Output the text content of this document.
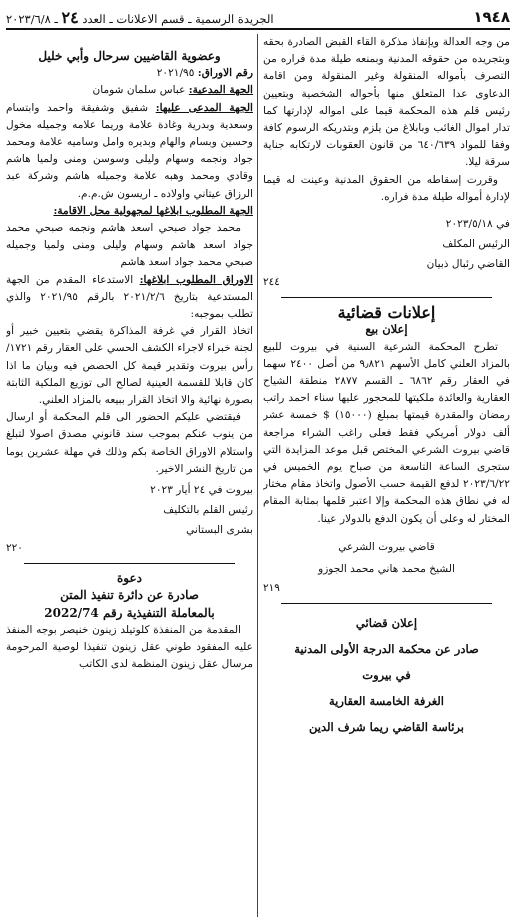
١٩٤٨
الجريدة الرسمية ـ قسم الاعلانات ـ العدد ٢٤ ـ ٢٠٢٣/٦/٨

من وجه العدالة ويإنفاذ مذكرة القاء القبض الصادرة بحقه وبتجريده من حقوقه المدنية وبمنعه طيلة مدة فراره من التصرف بأمواله المنقولة وغير المنقولة ومن اقامة الدعاوى عدا المتعلق منها بأحواله الشخصية وبتعيين رئيس قلم هذه المحكمة قيما على امواله لإدارتها كما تدار اموال الغائب وبابلاغ من يلزم وبتدريكه الرسوم كافة وفقا للمواد ٦٤٠/٦٣٩ من قانون العقوبات لارتكابه جناية سرقة ليلا.

وقررت إسقاطه من الحقوق المدنية وعينت له قيما لإدارة أمواله طيلة مدة فراره.

في ٢٠٢٣/٥/١٨

الرئيس المكلف

القاضي رئبال ذبيان

٢٤٤

إعلانات قضائية

إعلان بيع

تطرح المحكمة الشرعية السنية في بيروت للبيع بالمزاد العلني كامل الأسهم ٩٫٨٢١ من أصل ٢٤٠٠ سهما في العقار رقم ٦٨٦٢ ـ القسم ٢٨٧٧ منطقة الشياح العقارية والعائدة ملكيتها للمحجور عليها سناء احمد راتب رمضان والمقدرة قيمتها بمبلغ (١٥٠٠٠) $ خمسة عشر ألف دولار أمريكي فقط فعلى راغب الشراء مراجعة قاضي بيروت الشرعي المختص قبل موعد المزايدة التي ستجرى الساعة التاسعة من صباح يوم الخميس في ٢٠٢٣/٦/٢٢ لدفع القيمة حسب الأصول واتخاذ مقام مختار له في نطاق هذه المحكمة وإلا اعتبر قلمها بمثابة المقام المختار له وعلى أن يكون الدفع بالدولار عينا.

قاضي بيروت الشرعي

الشيخ محمد هاني محمد الجوزو

٢١٩

إعلان قضائي

صادر عن محكمة الدرجة الأولى المدنية

في بيروت

الغرفة الخامسة العقارية

برئاسة القاضي ريما شرف الدين

وعضوية القاضيين سرحال وأبي خليل

رقم الاوراق: ٢٠٢١/٩٥

الجهة المدعية: عباس سلمان شومان

الجهة المدعى عليها: شفيق وشفيقة واحمد وابتسام وسعدية وبدرية وغادة علامة وريما علامه وجميله مخول وحسين وبسام والهام وبديره وامل وساميه علامة ومحمد جواد ونجمه وسهام وليلى وسوسن ومنى ولميا هاشم وقادي ومحمد وهبه علامة وجميله هاشم وشركة عبد الرزاق عيتاني واولاده ـ اريسون ش.م.م.

الجهة المطلوب ابلاغها لمجهولية محل الاقامة:

محمد جواد صبحي اسعد هاشم ونجمه صبحي محمد جواد اسعد هاشم وسهام وليلى ومنى ولميا وجميله صبحي محمد جواد اسعد هاشم

الاوراق المطلوب ابلاغها: الاستدعاء المقدم من الجهة المستدعية بتاريخ ٢٠٢١/٢/٦ بالرقم ٢٠٢١/٩٥ والذي تطلب بموجبه:

اتخاذ القرار في غرفة المذاكرة يقضي بتعيين خبير أو لجنة خبراء لاجراء الكشف الحسي على العقار رقم ١٧٢١/ رأس بيروت وتقدير قيمة كل الحصص فيه وبيان ما اذا كان قابلا للقسمة العينية لصالح الى توزيع الملكية الثابتة بصورة نهائية والا اتخاذ القرار ببيعه بالمزاد العلني.

فيقتضي عليكم الحضور الى قلم المحكمة أو ارسال من ينوب عنكم بموجب سند قانوني مصدق اصولا لتبلغ واستلام الاوراق الخاصة بكم وذلك في مهلة عشرين يوما من تاريخ النشر الاخير.

بيروت في ٢٤ أيار ٢٠٢٣

رئيس القلم بالتكليف

بشرى البستاني

٢٢٠

دعوة

صادرة عن دائرة تنفيذ المتن

بالمعاملة التنفيذية رقم 2022/74

المقدمة من المنفذة كلوتيلد زينون خنيصر بوجه المنفذ عليه المفقود طوني عقل زينون تنفيذا لوصية المرحومة مرسال عقل زينون المنظمة لدى الكاتب
